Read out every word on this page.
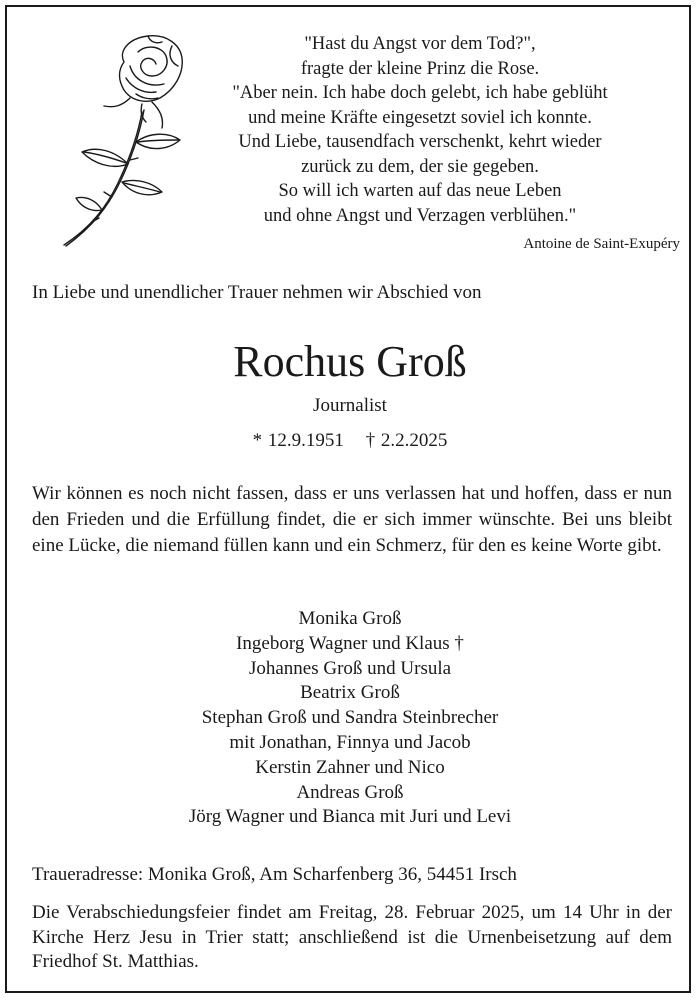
"Hast du Angst vor dem Tod?",
fragte der kleine Prinz die Rose.
"Aber nein. Ich habe doch gelebt, ich habe geblüht
und meine Kräfte eingesetzt soviel ich konnte.
Und Liebe, tausendfach verschenkt, kehrt wieder
zurück zu dem, der sie gegeben.
So will ich warten auf das neue Leben
und ohne Angst und Verzagen verblühen."
Antoine de Saint-Exupéry
In Liebe und unendlicher Trauer nehmen wir Abschied von
Rochus Groß
Journalist
* 12.9.1951 † 2.2.2025
Wir können es noch nicht fassen, dass er uns verlassen hat und hoffen, dass er nun den Frieden und die Erfüllung findet, die er sich immer wünschte. Bei uns bleibt eine Lücke, die niemand füllen kann und ein Schmerz, für den es keine Worte gibt.
Monika Groß
Ingeborg Wagner und Klaus †
Johannes Groß und Ursula
Beatrix Groß
Stephan Groß und Sandra Steinbrecher
mit Jonathan, Finnya und Jacob
Kerstin Zahner und Nico
Andreas Groß
Jörg Wagner und Bianca mit Juri und Levi
Traueradresse: Monika Groß, Am Scharfenberg 36, 54451 Irsch
Die Verabschiedungsfeier findet am Freitag, 28. Februar 2025, um 14 Uhr in der Kirche Herz Jesu in Trier statt; anschließend ist die Urnenbeisetzung auf dem Friedhof St. Matthias.
